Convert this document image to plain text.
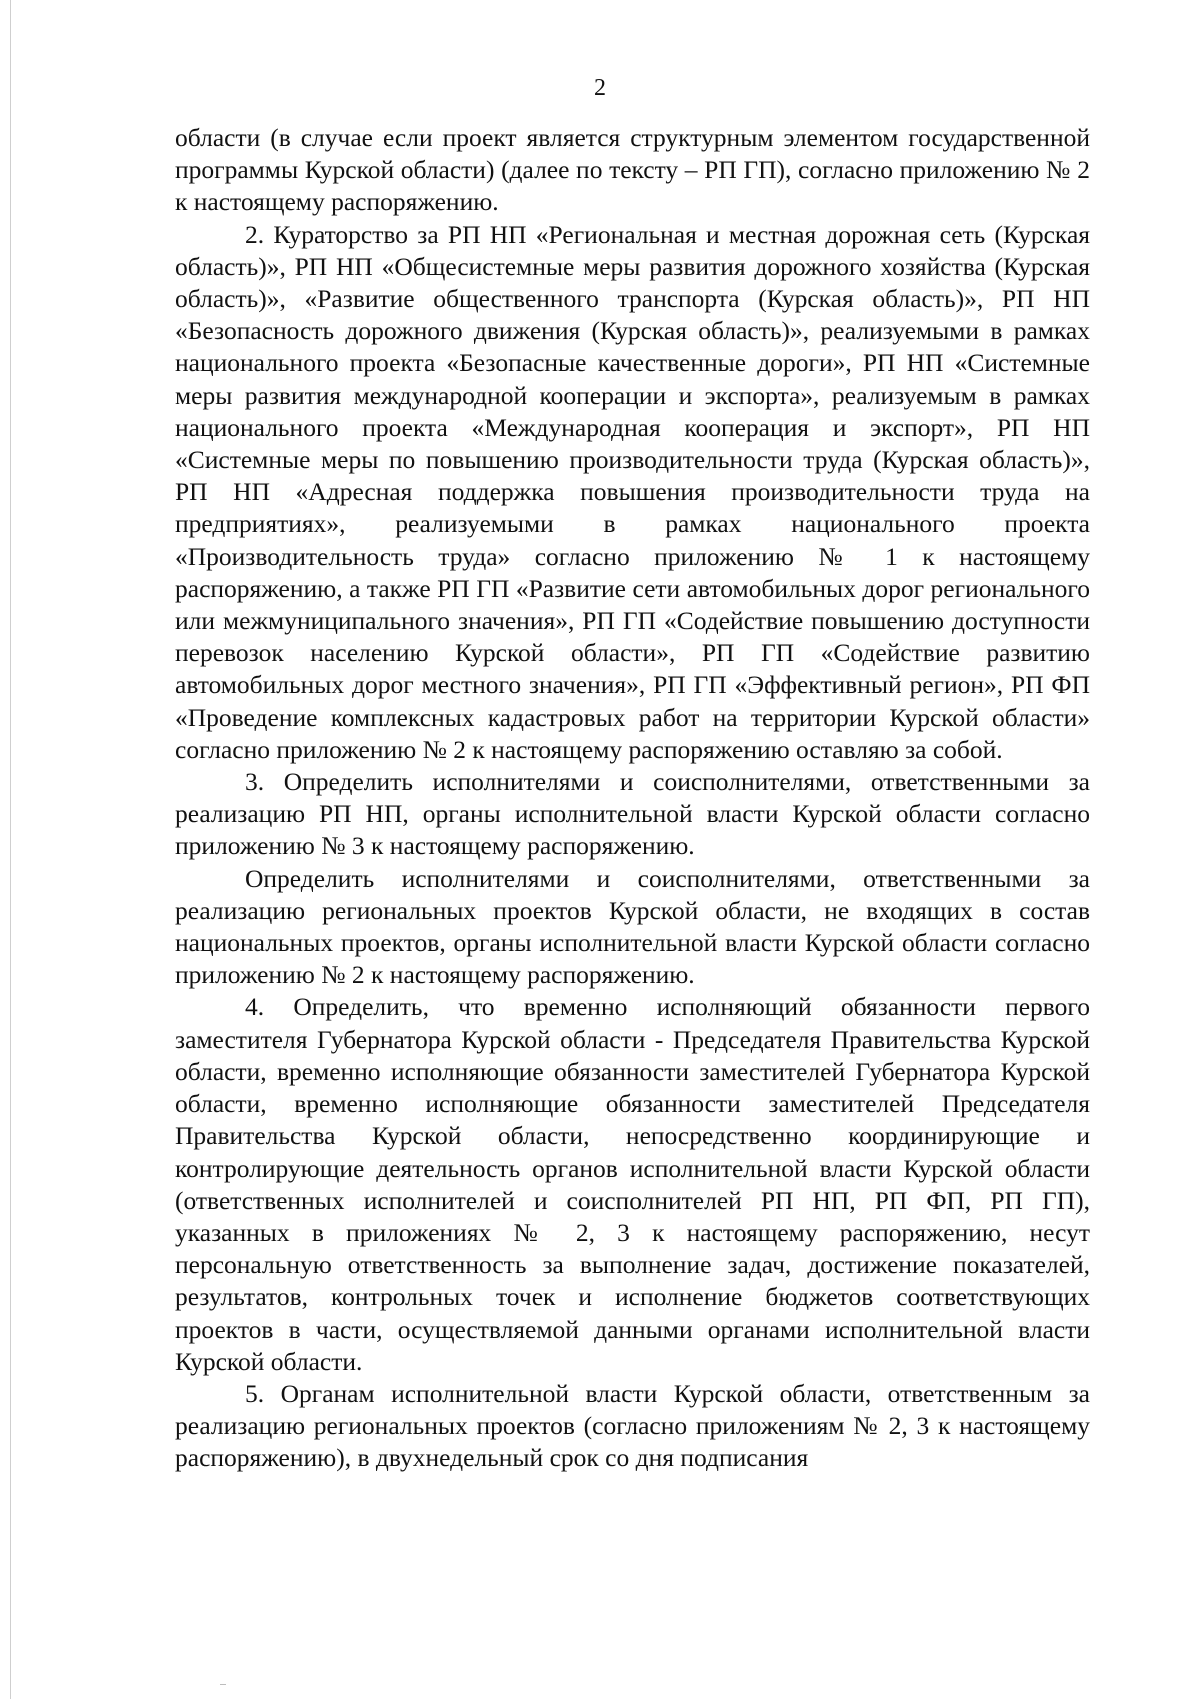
2

области (в случае если проект является структурным элементом государственной программы Курской области) (далее по тексту – РП ГП), согласно приложению № 2 к настоящему распоряжению.

2. Кураторство за РП НП «Региональная и местная дорожная сеть (Курская область)», РП НП «Общесистемные меры развития дорожного хозяйства (Курская область)», «Развитие общественного транспорта (Курская область)», РП НП «Безопасность дорожного движения (Курская область)», реализуемыми в рамках национального проекта «Безопасные качественные дороги», РП НП «Системные меры развития международной кооперации и экспорта», реализуемым в рамках национального проекта «Международная кооперация и экспорт», РП НП «Системные меры по повышению производительности труда (Курская область)», РП НП «Адресная поддержка повышения производительности труда на предприятиях», реализуемыми в рамках национального проекта «Производительность труда» согласно приложению № 1 к настоящему распоряжению, а также РП ГП «Развитие сети автомобильных дорог регионального или межмуниципального значения», РП ГП «Содействие повышению доступности перевозок населению Курской области», РП ГП «Содействие развитию автомобильных дорог местного значения», РП ГП «Эффективный регион», РП ФП «Проведение комплексных кадастровых работ на территории Курской области» согласно приложению № 2 к настоящему распоряжению оставляю за собой.

3. Определить исполнителями и соисполнителями, ответственными за реализацию РП НП, органы исполнительной власти Курской области согласно приложению № 3 к настоящему распоряжению.

Определить исполнителями и соисполнителями, ответственными за реализацию региональных проектов Курской области, не входящих в состав национальных проектов, органы исполнительной власти Курской области согласно приложению № 2 к настоящему распоряжению.

4. Определить, что временно исполняющий обязанности первого заместителя Губернатора Курской области - Председателя Правительства Курской области, временно исполняющие обязанности заместителей Губернатора Курской области, временно исполняющие обязанности заместителей Председателя Правительства Курской области, непосредственно координирующие и контролирующие деятельность органов исполнительной власти Курской области (ответственных исполнителей и соисполнителей РП НП, РП ФП, РП ГП), указанных в приложениях № 2, 3 к настоящему распоряжению, несут персональную ответственность за выполнение задач, достижение показателей, результатов, контрольных точек и исполнение бюджетов соответствующих проектов в части, осуществляемой данными органами исполнительной власти Курской области.

5. Органам исполнительной власти Курской области, ответственным за реализацию региональных проектов (согласно приложениям № 2, 3 к настоящему распоряжению), в двухнедельный срок со дня подписания
